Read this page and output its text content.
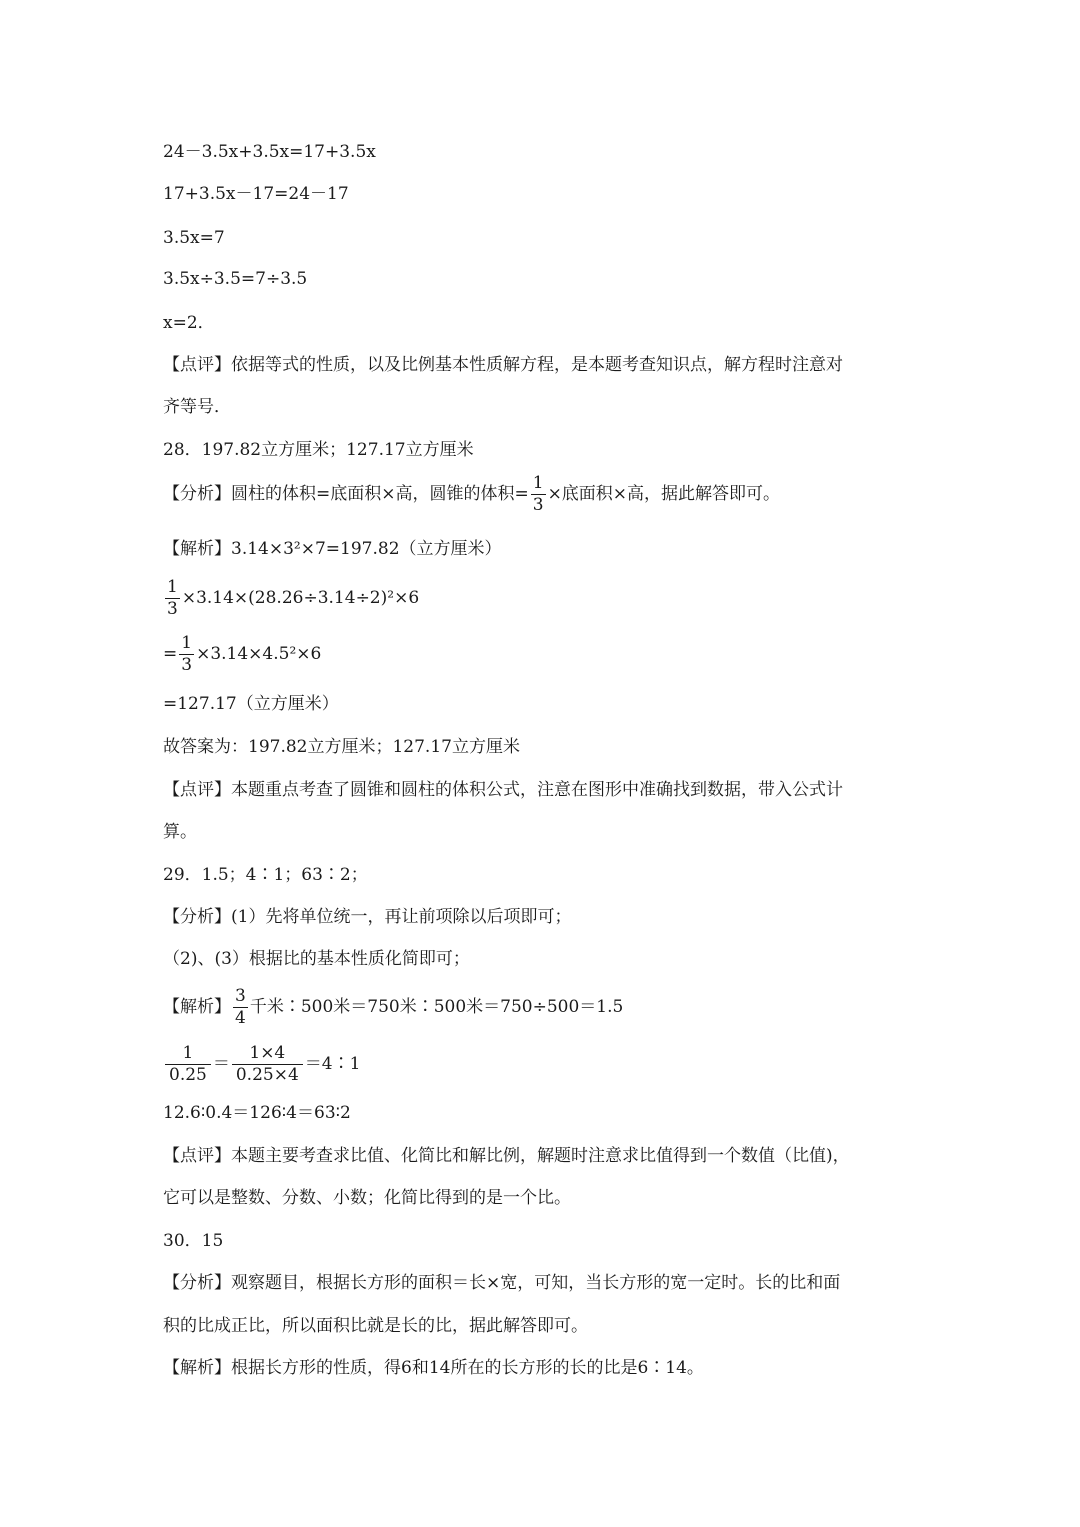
24－3.5x+3.5x=17+3.5x
17+3.5x－17=24－17
3.5x=7
3.5x÷3.5=7÷3.5
x=2．
【点评】依据等式的性质，以及比例基本性质解方程，是本题考查知识点，解方程时注意对
齐等号．
28．197.82立方厘米；127.17立方厘米
【分析】圆柱的体积=底面积×高，圆锥的体积= $\frac{1}{3}$ ×底面积×高，据此解答即可。
【解析】3.14×3²×7=197.82（立方厘米）
$\frac{1}{3} \times 3.14\times(28.26\div 3.14\div 2)^2\times 6$
= $\frac{1}{3} \times 3.14\times 4.5^2\times 6$
=127.17（立方厘米）
故答案为：197.82立方厘米；127.17立方厘米
【点评】本题重点考查了圆锥和圆柱的体积公式，注意在图形中准确找到数据，带入公式计
算。
29．1.5；4∶1；63∶2；
【分析】(1）先将单位统一，再让前项除以后项即可；
（2)、(3）根据比的基本性质化简即可；
【解析】 $\frac{3}{4}$ 千米∶500米＝750米∶500米＝750÷500＝1.5
$\frac{1}{0.25} = \frac{1\times 4}{0.25\times 4}$ ＝4∶1
12.6∶0.4＝126∶4＝63∶2
【点评】本题主要考查求比值、化简比和解比例，解题时注意求比值得到一个数值（比值)，
它可以是整数、分数、小数；化简比得到的是一个比。
30．15
【分析】观察题目，根据长方形的面积＝长×宽，可知，当长方形的宽一定时。长的比和面
积的比成正比，所以面积比就是长的比，据此解答即可。
【解析】根据长方形的性质，得6和14所在的长方形的长的比是6∶14。
